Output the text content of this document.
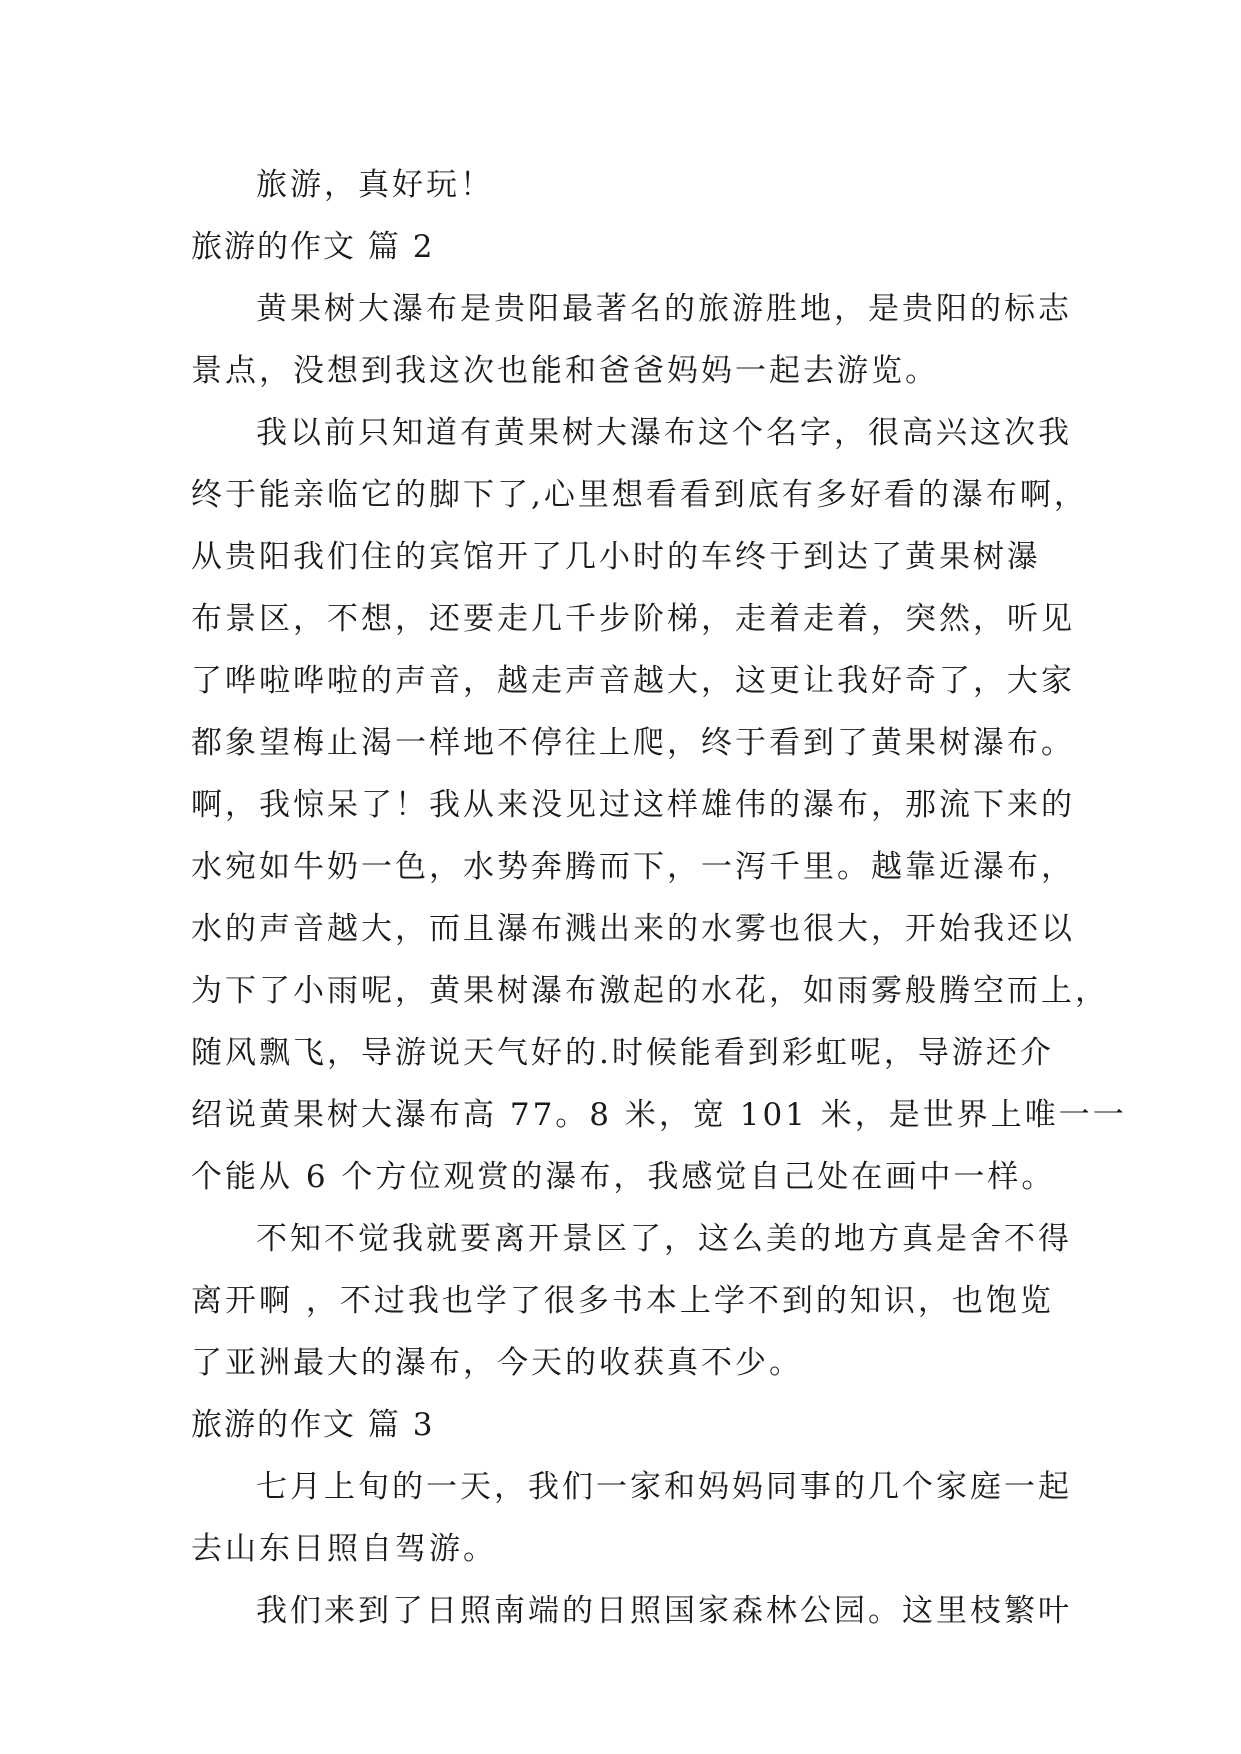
旅游，真好玩！
旅游的作文 篇 2
黄果树大瀑布是贵阳最著名的旅游胜地，是贵阳的标志
景点，没想到我这次也能和爸爸妈妈一起去游览。
我以前只知道有黄果树大瀑布这个名字，很高兴这次我
终于能亲临它的脚下了,心里想看看到底有多好看的瀑布啊，
从贵阳我们住的宾馆开了几小时的车终于到达了黄果树瀑
布景区，不想，还要走几千步阶梯，走着走着，突然，听见
了哗啦哗啦的声音，越走声音越大，这更让我好奇了，大家
都象望梅止渴一样地不停往上爬，终于看到了黄果树瀑布。
啊，我惊呆了！我从来没见过这样雄伟的瀑布，那流下来的
水宛如牛奶一色，水势奔腾而下，一泻千里。越靠近瀑布，
水的声音越大，而且瀑布溅出来的水雾也很大，开始我还以
为下了小雨呢，黄果树瀑布激起的水花，如雨雾般腾空而上，
随风飘飞，导游说天气好的.时候能看到彩虹呢，导游还介
绍说黄果树大瀑布高 77。8 米，宽 101 米，是世界上唯一一
个能从 6 个方位观赏的瀑布，我感觉自己处在画中一样。
不知不觉我就要离开景区了，这么美的地方真是舍不得
离开啊 ，不过我也学了很多书本上学不到的知识，也饱览
了亚洲最大的瀑布，今天的收获真不少。
旅游的作文 篇 3
七月上旬的一天，我们一家和妈妈同事的几个家庭一起
去山东日照自驾游。
我们来到了日照南端的日照国家森林公园。这里枝繁叶
